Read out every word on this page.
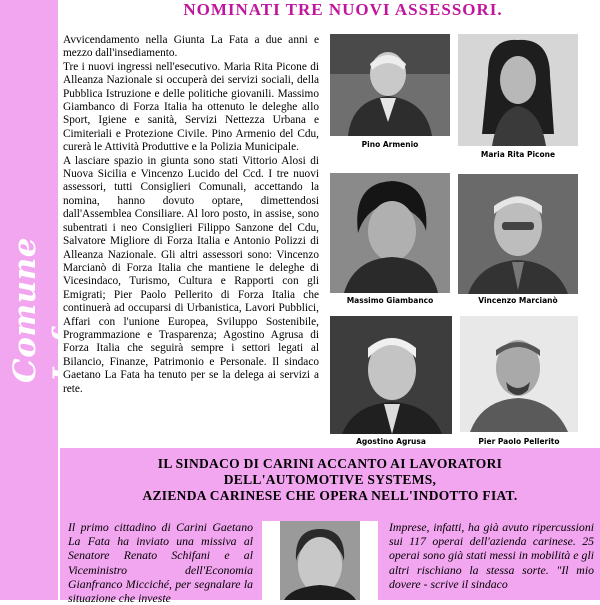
Comune Informa
NOMINATI TRE NUOVI ASSESSORI.

Avvicendamento nella Giunta La Fata a due anni e mezzo dall'insediamento.

Tre i nuovi ingressi nell'esecutivo. Maria Rita Picone di Alleanza Nazionale si occuperà dei servizi sociali, della Pubblica Istruzione e delle politiche giovanili. Massimo Giambanco di Forza Italia ha ottenuto le deleghe allo Sport, Igiene e sanità, Servizi Nettezza Urbana e Cimiteriali e Protezione Civile. Pino Armenio del Cdu, curerà le Attività Produttive e la Polizia Municipale.

A lasciare spazio in giunta sono stati Vittorio Alosi di Nuova Sicilia e Vincenzo Lucido del Ccd. I tre nuovi assessori, tutti Consiglieri Comunali, accettando la nomina, hanno dovuto optare, dimettendosi dall'Assemblea Consiliare. Al loro posto, in assise, sono subentrati i neo Consiglieri Filippo Sanzone del Cdu, Salvatore Migliore di Forza Italia e Antonio Polizzi di Alleanza Nazionale. Gli altri assessori sono: Vincenzo Marcianò di Forza Italia che mantiene le deleghe di Vicesindaco, Turismo, Cultura e Rapporti con gli Emigrati; Pier Paolo Pellerito di Forza Italia che continuerà ad occuparsi di Urbanistica, Lavori Pubblici, Affari con l'unione Europea, Sviluppo Sostenibile, Programmazione e Trasparenza; Agostino Agrusa di Forza Italia che seguirà sempre i settori legati al Bilancio, Finanze, Patrimonio e Personale. Il sindaco Gaetano La Fata ha tenuto per se la delega ai servizi a rete.

Pino Armenio
Maria Rita Picone
Massimo Giambanco	Vincenzo Marcianò
Agostino Agrusa	Pier Paolo Pellerito
IL SINDACO DI CARINI ACCANTO AI LAVORATORI
DELL'AUTOMOTIVE SYSTEMS,
AZIENDA CARINESE CHE OPERA NELL'INDOTTO FIAT.
Il primo cittadino di Carini Gaetano La Fata ha inviato una missiva al Senatore Renato Schifani e al Viceministro dell'Economia Gianfranco Micciché, per segnalare la situazione che investe
Imprese, infatti, ha già avuto ripercussioni sui 117 operai dell'azienda carinese. 25 operai sono già stati messi in mobilità e gli altri rischiano la stessa sorte. "Il mio dovere - scrive il sindaco
